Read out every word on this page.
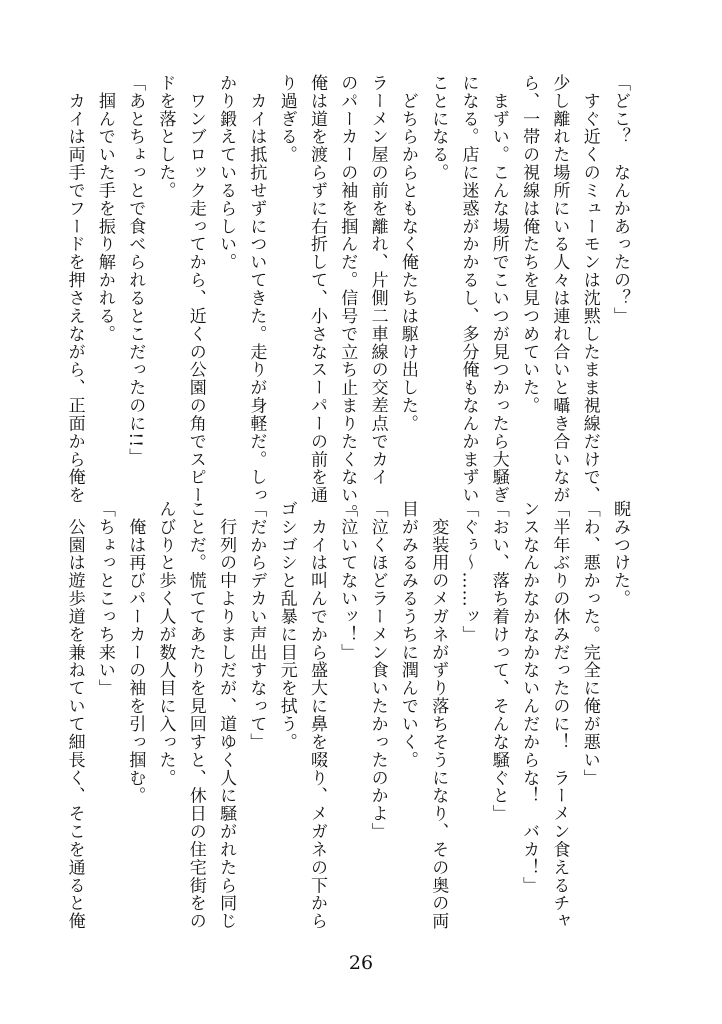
「どこ？　なんかあったの？」
　すぐ近くのミューモンは沈黙したまま視線だけで、
少し離れた場所にいる人々は連れ合いと囁き合いなが
ら、一帯の視線は俺たちを見つめていた。
　まずい。こんな場所でこいつが見つかったら大騒ぎ
になる。店に迷惑がかかるし、多分俺もなんかまずい
ことになる。
　どちらからともなく俺たちは駆け出した。
ラーメン屋の前を離れ、片側二車線の交差点でカイ
のパーカーの袖を掴んだ。信号で立ち止まりたくない。
俺は道を渡らずに右折して、小さなスーパーの前を通
り過ぎる。
　カイは抵抗せずについてきた。走りが身軽だ。しっ
かり鍛えているらしい。
　ワンブロック走ってから、近くの公園の角でスピー
ドを落とした。
「あとちょっとで食べられるとこだったのに!!」
　掴んでいた手を振り解かれる。
　カイは両手でフードを押さえながら、正面から俺を
睨みつけた。
「わ、悪かった。完全に俺が悪い」
「半年ぶりの休みだったのに！　ラーメン食えるチャ
ンスなんかなかなかないんだからな！　バカ！」
「おい、落ち着けって、そんな騒ぐと」
「ぐぅ〜……ッ」
　変装用のメガネがずり落ちそうになり、その奥の両
目がみるみるうちに潤んでいく。
「泣くほどラーメン食いたかったのかよ」
「泣いてないッ！」
　カイは叫んでから盛大に鼻を啜り、メガネの下から
ゴシゴシと乱暴に目元を拭う。
「だからデカい声出すなって」
　行列の中よりましだが、道ゆく人に騒がれたら同じ
ことだ。慌ててあたりを見回すと、休日の住宅街をの
んびりと歩く人が数人目に入った。
　俺は再びパーカーの袖を引っ掴む。
「ちょっとこっち来い」
　公園は遊歩道を兼ねていて細長く、そこを通ると俺
26
